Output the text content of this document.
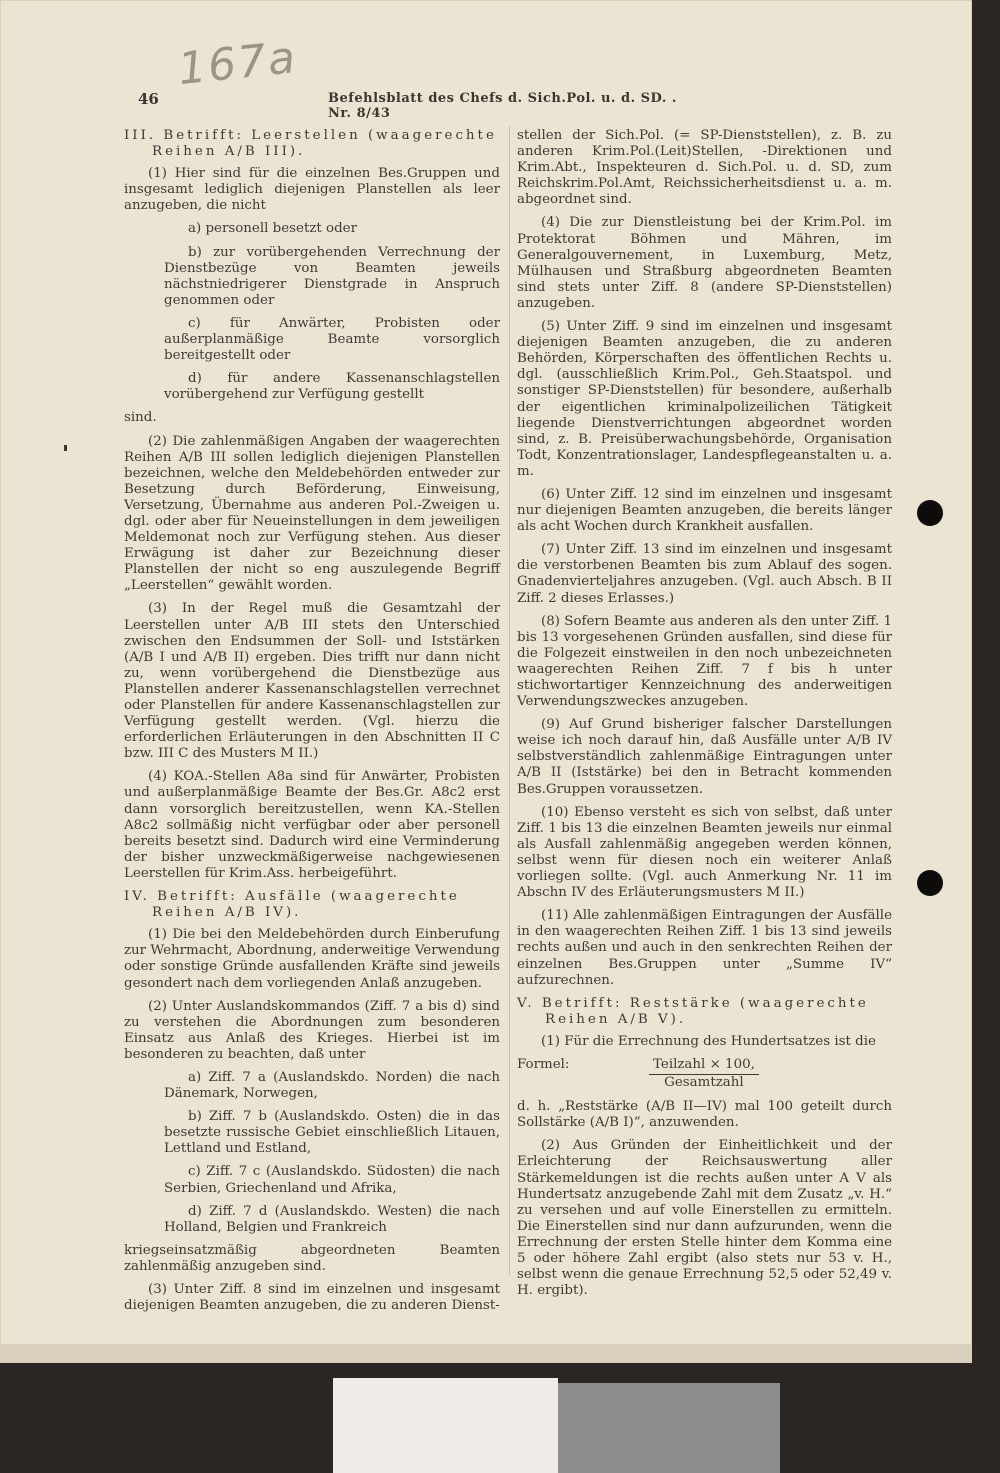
167a
46	Befehlsblatt des Chefs d. Sich.Pol. u. d. SD. . Nr. 8/43
III. Betrifft: Leerstellen (waagerechte
Reihen A/B III).

(1) Hier sind für die einzelnen Bes.Gruppen und insgesamt lediglich diejenigen Planstellen als leer anzugeben, die nicht

a) personell besetzt oder

b) zur vorübergehenden Verrechnung der Dienstbezüge von Beamten jeweils nächstniedrigerer Dienstgrade in Anspruch genommen oder

c) für Anwärter, Probisten oder außerplanmäßige Beamte vorsorglich bereitgestellt oder

d) für andere Kassenanschlagstellen vorübergehend zur Verfügung gestellt

sind.

(2) Die zahlenmäßigen Angaben der waagerechten Reihen A/B III sollen lediglich diejenigen Planstellen bezeichnen, welche den Meldebehörden entweder zur Besetzung durch Beförderung, Einweisung, Versetzung, Übernahme aus anderen Pol.-Zweigen u. dgl. oder aber für Neueinstellungen in dem jeweiligen Meldemonat noch zur Verfügung stehen. Aus dieser Erwägung ist daher zur Bezeichnung dieser Planstellen der nicht so eng auszulegende Begriff „Leerstellen“ gewählt worden.

(3) In der Regel muß die Gesamtzahl der Leerstellen unter A/B III stets den Unterschied zwischen den Endsummen der Soll- und Iststärken (A/B I und A/B II) ergeben. Dies trifft nur dann nicht zu, wenn vorübergehend die Dienstbezüge aus Planstellen anderer Kassenanschlagstellen verrechnet oder Planstellen für andere Kassenanschlagstellen zur Verfügung gestellt werden. (Vgl. hierzu die erforderlichen Erläuterungen in den Abschnitten II C bzw. III C des Musters M II.)

(4) KOA.-Stellen A8a sind für Anwärter, Probisten und außerplanmäßige Beamte der Bes.Gr. A8c2 erst dann vorsorglich bereitzustellen, wenn KA.-Stellen A8c2 sollmäßig nicht verfügbar oder aber personell bereits besetzt sind. Dadurch wird eine Verminderung der bisher unzweckmäßigerweise nachgewiesenen Leerstellen für Krim.Ass. herbeigeführt.

IV. Betrifft: Ausfälle (waagerechte
Reihen A/B IV).

(1) Die bei den Meldebehörden durch Einberufung zur Wehrmacht, Abordnung, anderweitige Verwendung oder sonstige Gründe ausfallenden Kräfte sind jeweils gesondert nach dem vorliegenden Anlaß anzugeben.

(2) Unter Auslandskommandos (Ziff. 7 a bis d) sind zu verstehen die Abordnungen zum besonderen Einsatz aus Anlaß des Krieges. Hierbei ist im besonderen zu beachten, daß unter

a) Ziff. 7 a (Auslandskdo. Norden) die nach Dänemark, Norwegen,

b) Ziff. 7 b (Auslandskdo. Osten) die in das besetzte russische Gebiet einschließlich Litauen, Lettland und Estland,

c) Ziff. 7 c (Auslandskdo. Südosten) die nach Serbien, Griechenland und Afrika,

d) Ziff. 7 d (Auslandskdo. Westen) die nach Holland, Belgien und Frankreich

kriegseinsatzmäßig abgeordneten Beamten zahlenmäßig anzugeben sind.

(3) Unter Ziff. 8 sind im einzelnen und insgesamt diejenigen Beamten anzugeben, die zu anderen Dienst-

stellen der Sich.Pol. (= SP-Dienststellen), z. B. zu anderen Krim.Pol.(Leit)Stellen, -Direktionen und Krim.Abt., Inspekteuren d. Sich.Pol. u. d. SD, zum Reichskrim.Pol.Amt, Reichssicherheitsdienst u. a. m. abgeordnet sind.

(4) Die zur Dienstleistung bei der Krim.Pol. im Protektorat Böhmen und Mähren, im Generalgouvernement, in Luxemburg, Metz, Mülhausen und Straßburg abgeordneten Beamten sind stets unter Ziff. 8 (andere SP-Dienststellen) anzugeben.

(5) Unter Ziff. 9 sind im einzelnen und insgesamt diejenigen Beamten anzugeben, die zu anderen Behörden, Körperschaften des öffentlichen Rechts u. dgl. (ausschließlich Krim.Pol., Geh.Staatspol. und sonstiger SP-Dienststellen) für besondere, außerhalb der eigentlichen kriminalpolizeilichen Tätigkeit liegende Dienstverrichtungen abgeordnet worden sind, z. B. Preisüberwachungsbehörde, Organisation Todt, Konzentrationslager, Landespflegeanstalten u. a. m.

(6) Unter Ziff. 12 sind im einzelnen und insgesamt nur diejenigen Beamten anzugeben, die bereits länger als acht Wochen durch Krankheit ausfallen.

(7) Unter Ziff. 13 sind im einzelnen und insgesamt die verstorbenen Beamten bis zum Ablauf des sogen. Gnadenvierteljahres anzugeben. (Vgl. auch Absch. B II Ziff. 2 dieses Erlasses.)

(8) Sofern Beamte aus anderen als den unter Ziff. 1 bis 13 vorgesehenen Gründen ausfallen, sind diese für die Folgezeit einstweilen in den noch unbezeichneten waagerechten Reihen Ziff. 7 f bis h unter stichwortartiger Kennzeichnung des anderweitigen Verwendungszweckes anzugeben.

(9) Auf Grund bisheriger falscher Darstellungen weise ich noch darauf hin, daß Ausfälle unter A/B IV selbstverständlich zahlenmäßige Eintragungen unter A/B II (Iststärke) bei den in Betracht kommenden Bes.Gruppen voraussetzen.

(10) Ebenso versteht es sich von selbst, daß unter Ziff. 1 bis 13 die einzelnen Beamten jeweils nur einmal als Ausfall zahlenmäßig angegeben werden können, selbst wenn für diesen noch ein weiterer Anlaß vorliegen sollte. (Vgl. auch Anmerkung Nr. 11 im Abschn IV des Erläuterungsmusters M II.)

(11) Alle zahlenmäßigen Eintragungen der Ausfälle in den waagerechten Reihen Ziff. 1 bis 13 sind jeweils rechts außen und auch in den senkrechten Reihen der einzelnen Bes.Gruppen unter „Summe IV“ aufzurechnen.

V. Betrifft: Reststärke (waagerechte
Reihen A/B V).

(1) Für die Errechnung des Hundertsatzes ist die

Formel:	$\frac{\text{Teilzahl × 100,}}{\text{Gesamtzahl}}$

d. h. „Reststärke (A/B II—IV) mal 100 geteilt durch Sollstärke (A/B I)“, anzuwenden.

(2) Aus Gründen der Einheitlichkeit und der Erleichterung der Reichsauswertung aller Stärkemeldungen ist die rechts außen unter A V als Hundertsatz anzugebende Zahl mit dem Zusatz „v. H.“ zu versehen und auf volle Einerstellen zu ermitteln. Die Einerstellen sind nur dann aufzurunden, wenn die Errechnung der ersten Stelle hinter dem Komma eine 5 oder höhere Zahl ergibt (also stets nur 53 v. H., selbst wenn die genaue Errechnung 52,5 oder 52,49 v. H. ergibt).
